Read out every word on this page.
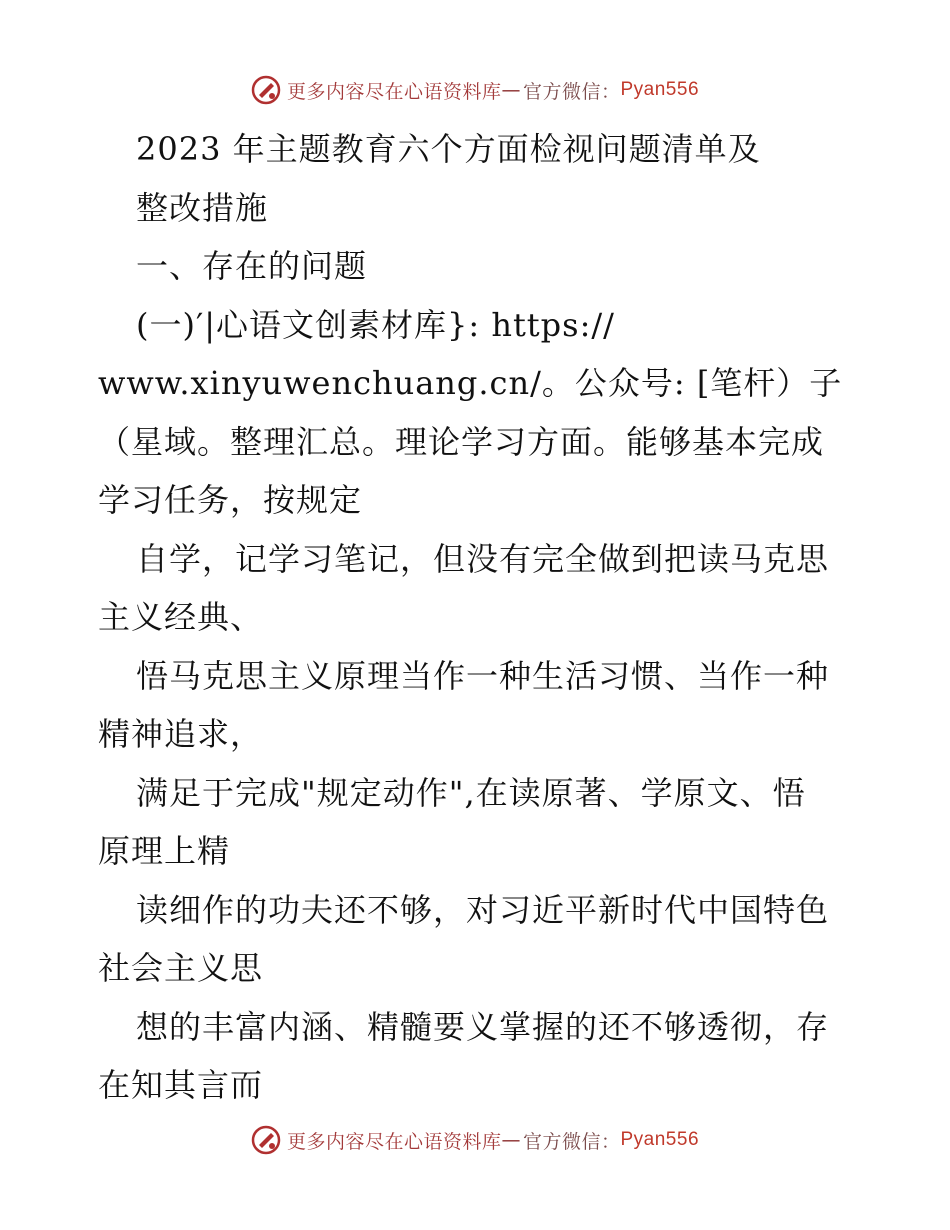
更多内容尽在心语资料库 — 官方微信： Pyan556
2023 年主题教育六个方面检视问题清单及
整改措施
一、存在的问题
(一)′|心语文创素材库}: https://
www.xinyuwenchuang.cn/。公众号: [笔杆）子
（星域。整理汇总。理论学习方面。能够基本完成
学习任务，按规定
自学，记学习笔记，但没有完全做到把读马克思
主义经典、
悟马克思主义原理当作一种生活习惯、当作一种
精神追求，
满足于完成"规定动作",在读原著、学原文、悟
原理上精
读细作的功夫还不够，对习近平新时代中国特色
社会主义思
想的丰富内涵、精髓要义掌握的还不够透彻，存
在知其言而
更多内容尽在心语资料库 — 官方微信： Pyan556
